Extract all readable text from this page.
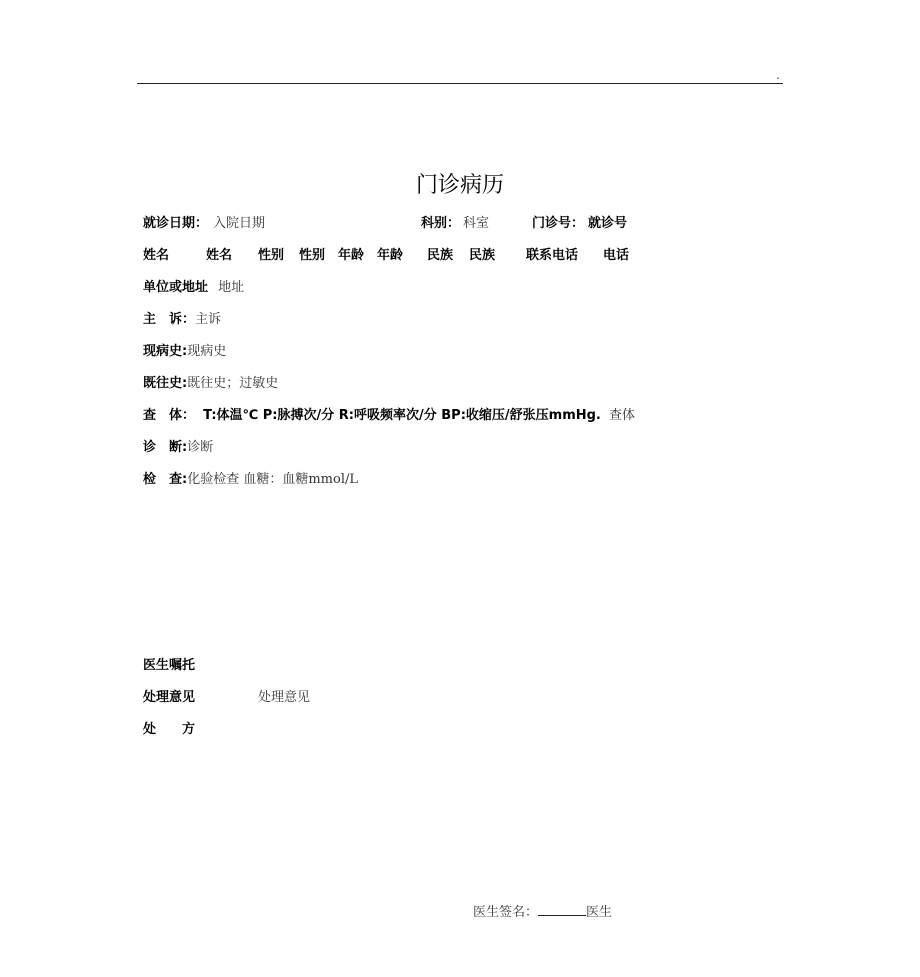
.
门诊病历
就诊日期： 入院日期	科别： 科室	门诊号： 就诊号
姓名	姓名 性别 性别 年龄 年龄 民族 民族 联系电话 电话
单位或地址 地址
主　诉：主诉
现病史:现病史
既往史:既往史；过敏史
查　体： T:体温℃ P:脉搏次/分 R:呼吸频率次/分 BP:收缩压/舒张压mmHg. 查体
诊　断:诊断
检　查:化验检查 血糖：血糖mmol/L
医生嘱托
处理意见	处理意见
处　　方
医生签名：	医生
